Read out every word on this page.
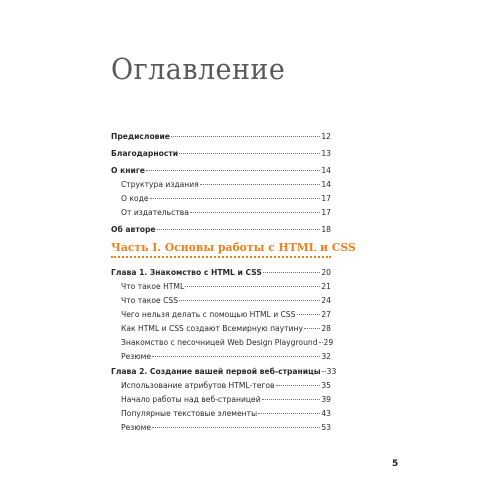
Оглавление
Предисловие	12
Благодарности	13
О книге	14
Структура издания	14
О коде	17
От издательства	17
Об авторе	18
Часть I. Основы работы с HTML и CSS
Глава 1. Знакомство с HTML и CSS	20
Что такое HTML	21
Что такое CSS	24
Чего нельзя делать с помощью HTML и CSS	27
Как HTML и CSS создают Всемирную паутину 28
Знакомство с песочницей Web Design Playground 29
Резюме	32
Глава 2. Создание вашей первой веб-страницы 33
Использование атрибутов HTML-тегов	35
Начало работы над веб-страницей	39
Популярные текстовые элементы	43
Резюме	53
5
